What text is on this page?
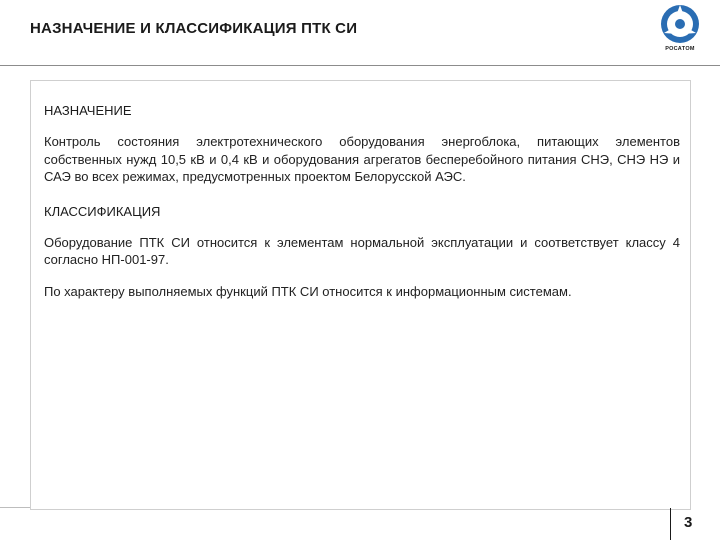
НАЗНАЧЕНИЕ И КЛАССИФИКАЦИЯ ПТК СИ
РОСАТОМ
НАЗНАЧЕНИЕ

Контроль состояния электротехнического оборудования энергоблока, питающих элементов собственных нужд 10,5 кВ и 0,4 кВ и оборудования агрегатов бесперебойного питания СНЭ, СНЭ НЭ и САЭ во всех режимах, предусмотренных проектом Белорусской АЭС.

КЛАССИФИКАЦИЯ

Оборудование ПТК СИ относится к элементам нормальной эксплуатации и соответствует классу 4 согласно НП-001-97.

По характеру выполняемых функций ПТК СИ относится к информационным системам.

3
